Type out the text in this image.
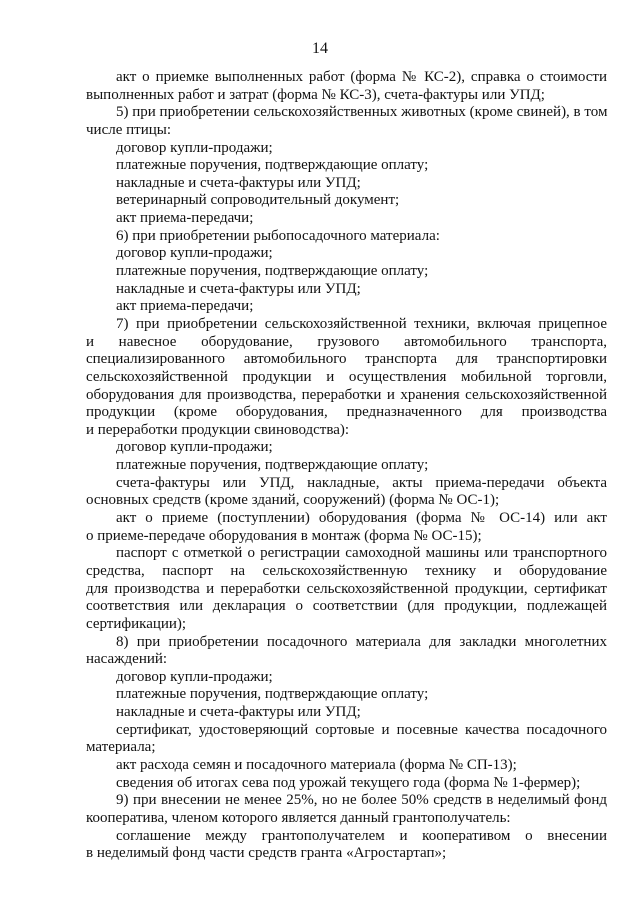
14
акт о приемке выполненных работ (форма № КС-2), справка о стоимости
выполненных работ и затрат (форма № КС-3), счета-фактуры или УПД;
5) при приобретении сельскохозяйственных животных (кроме свиней), в том
числе птицы:
договор купли-продажи;
платежные поручения, подтверждающие оплату;
накладные и счета-фактуры или УПД;
ветеринарный сопроводительный документ;
акт приема-передачи;
6) при приобретении рыбопосадочного материала:
договор купли-продажи;
платежные поручения, подтверждающие оплату;
накладные и счета-фактуры или УПД;
акт приема-передачи;
7) при приобретении сельскохозяйственной техники, включая прицепное
и навесное оборудование, грузового автомобильного транспорта,
специализированного автомобильного транспорта для транспортировки
сельскохозяйственной продукции и осуществления мобильной торговли,
оборудования для производства, переработки и хранения сельскохозяйственной
продукции (кроме оборудования, предназначенного для производства
и переработки продукции свиноводства):
договор купли-продажи;
платежные поручения, подтверждающие оплату;
счета-фактуры или УПД, накладные, акты приема-передачи объекта
основных средств (кроме зданий, сооружений) (форма № ОС-1);
акт о приеме (поступлении) оборудования (форма № ОС-14) или акт
о приеме-передаче оборудования в монтаж (форма № ОС-15);
паспорт с отметкой о регистрации самоходной машины или транспортного
средства, паспорт на сельскохозяйственную технику и оборудование
для производства и переработки сельскохозяйственной продукции, сертификат
соответствия или декларация о соответствии (для продукции, подлежащей
сертификации);
8) при приобретении посадочного материала для закладки многолетних
насаждений:
договор купли-продажи;
платежные поручения, подтверждающие оплату;
накладные и счета-фактуры или УПД;
сертификат, удостоверяющий сортовые и посевные качества посадочного
материала;
акт расхода семян и посадочного материала (форма № СП-13);
сведения об итогах сева под урожай текущего года (форма № 1-фермер);
9) при внесении не менее 25%, но не более 50% средств в неделимый фонд
кооператива, членом которого является данный грантополучатель:
соглашение между грантополучателем и кооперативом о внесении
в неделимый фонд части средств гранта «Агростартап»;
